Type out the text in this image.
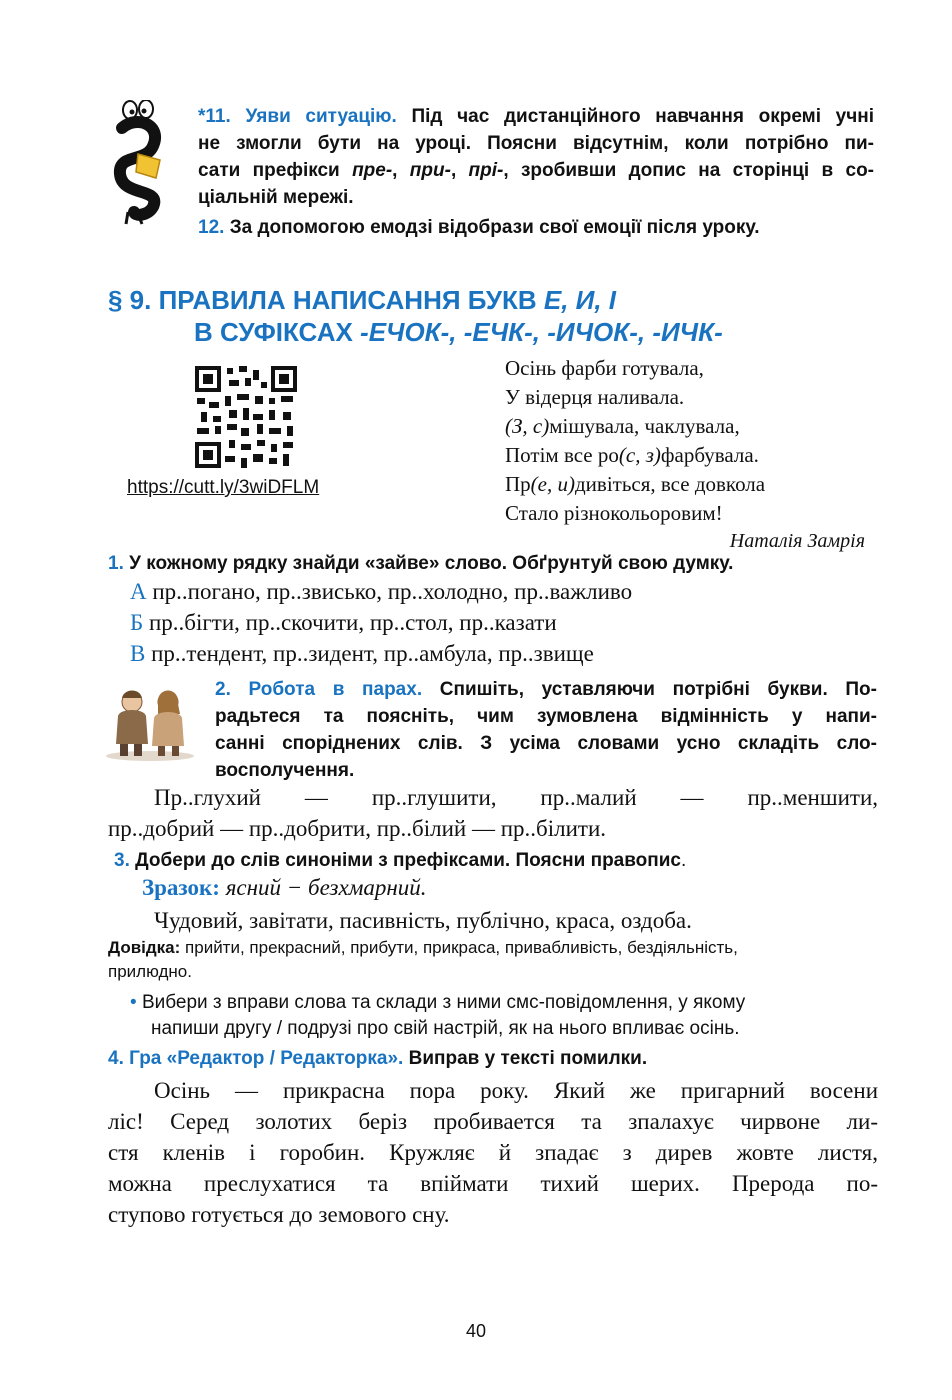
*11. Уяви ситуацію. Під час дистанційного навчання окремі учні
не змогли бути на уроці. Поясни відсутнім, коли потрібно пи-
сати префікси пре-, при-, прі-, зробивши допис на сторінці в со-
ціальній мережі.
12. За допомогою емодзі відобрази свої емоції після уроку.
§ 9. ПРАВИЛА НАПИСАННЯ БУКВ Е, И, І
В СУФІКСАХ -ЕЧОК-, -ЕЧК-, -ИЧОК-, -ИЧК-
https://cutt.ly/3wiDFLM
Осінь фарби готувала,
У відерця наливала.
(З, с)мішувала, чаклувала,
Потім все ро(с, з)фарбувала.
Пр(е, и)дивіться, все довкола
Стало різнокольоровим!
Наталія Замрія
1. У кожному рядку знайди «зайве» слово. Обґрунтуй свою думку.
А пр..погано, пр..звисько, пр..холодно, пр..важливо
Б пр..бігти, пр..скочити, пр..стол, пр..казати
В пр..тендент, пр..зидент, пр..амбула, пр..звище
2. Робота в парах. Спишіть, уставляючи потрібні букви. По-
радьтеся та поясніть, чим зумовлена відмінність у напи-
санні споріднених слів. З усіма словами усно складіть сло-
восполучення.
Пр..глухий — пр..глушити, пр..малий — пр..меншити,
пр..добрий — пр..добрити, пр..білий — пр..білити.
3. Добери до слів синоніми з префіксами. Поясни правопис.
Зразок: ясний − безхмарний.
Чудовий, завітати, пасивність, публічно, краса, оздоба.
Довідка: прийти, прекрасний, прибути, прикраса, привабливість, бездіяльність,
прилюдно.
• Вибери з вправи слова та склади з ними смс-повідомлення, у якому
напиши другу / подрузі про свій настрій, як на нього впливає осінь.
4. Гра «Редактор / Редакторка». Виправ у тексті помилки.
Осінь — прикрасна пора року. Який же пригарний восени
ліс! Серед золотих беріз пробивается та зпалахує чирвоне ли-
стя кленів і горобин. Кружляє й зпадає з дирев жовте листя,
можна преслухатися та впіймати тихий шерих. Прерода по-
ступово готується до земового сну.
40
